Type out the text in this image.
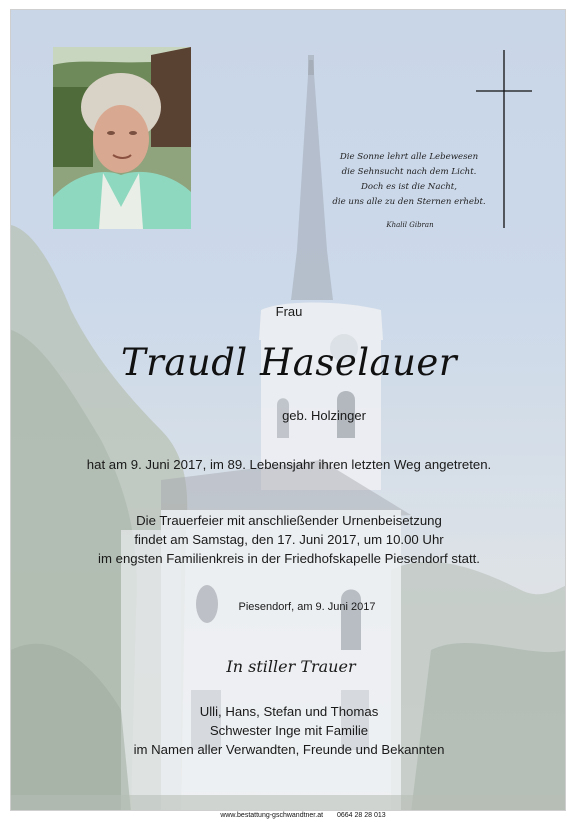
Die Sonne lehrt alle Lebewesen
die Sehnsucht nach dem Licht.
Doch es ist die Nacht,
die uns alle zu den Sternen erhebt.
Khalil Gibran
Frau
Traudl Haselauer
geb. Holzinger
hat am 9. Juni 2017, im 89. Lebensjahr ihren letzten Weg angetreten.
Die Trauerfeier mit anschließender Urnenbeisetzung
findet am Samstag, den 17. Juni 2017, um 10.00 Uhr
im engsten Familienkreis in der Friedhofskapelle Piesendorf statt.
Piesendorf, am 9. Juni 2017
In stiller Trauer
Ulli, Hans, Stefan und Thomas
Schwester Inge mit Familie
im Namen aller Verwandten, Freunde und Bekannten
www.bestattung-gschwandtner.at 0664 28 28 013
